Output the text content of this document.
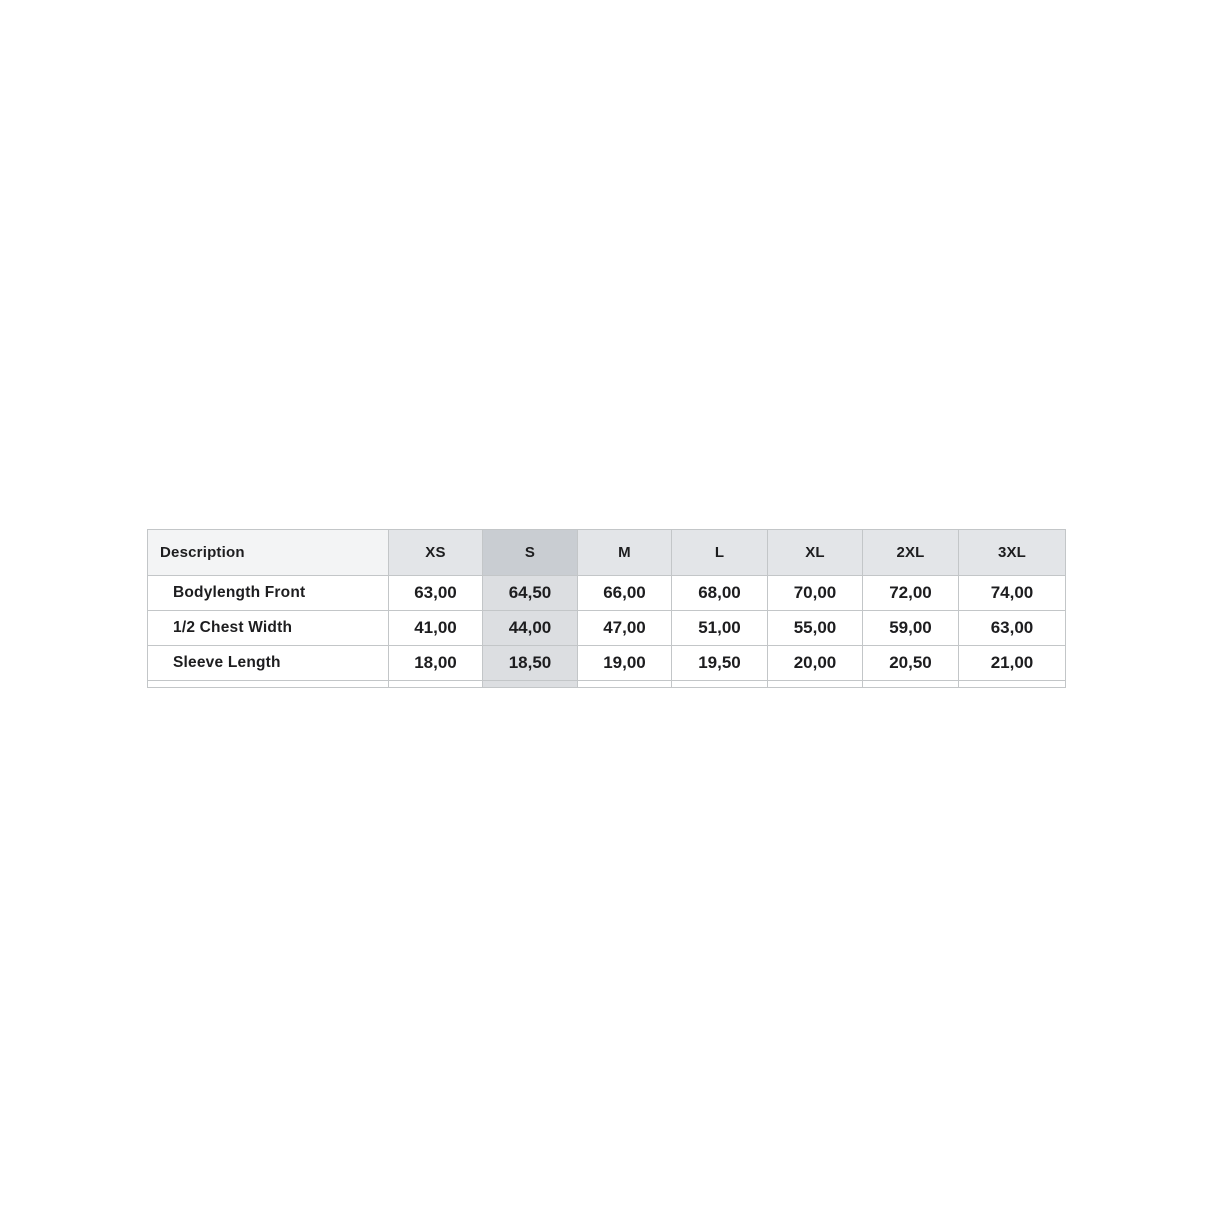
Description	XS	S	M	L	XL	2XL	3XL
Bodylength Front	63,00	64,50	66,00	68,00	70,00	72,00	74,00
1/2 Chest Width	41,00	44,00	47,00	51,00	55,00	59,00	63,00
Sleeve Length	18,00	18,50	19,00	19,50	20,00	20,50	21,00
